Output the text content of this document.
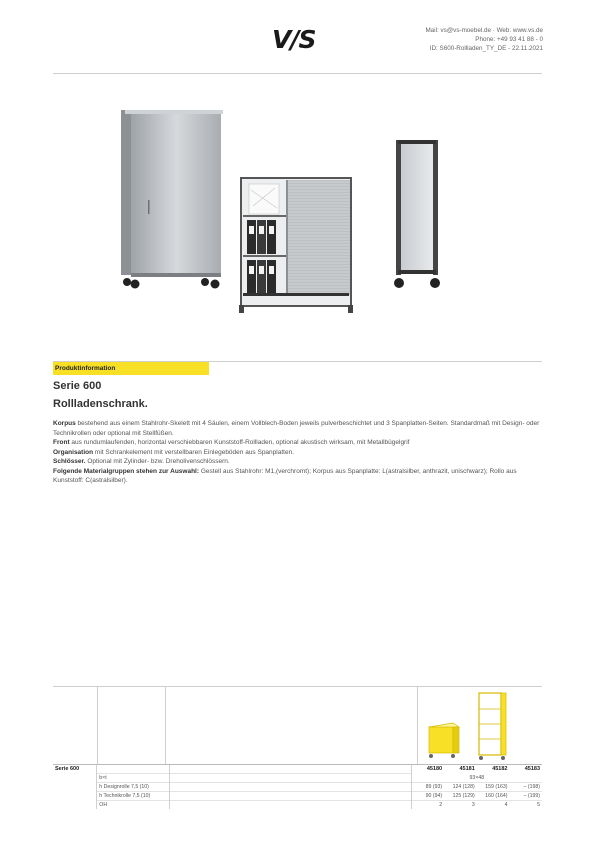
V/S	Mail: vs@vs-moebel.de · Web: www.vs.de
Phone: +49 93 41 88 - 0
ID: S600-Rollladen_TY_DE - 22.11.2021
Produktinformation
Serie 600
Rollladenschrank.

Korpus bestehend aus einem Stahlrohr-Skelett mit 4 Säulen, einem Vollblech-Boden jeweils pulverbeschichtet und 3 Spanplatten-Seiten. Standardmaß mit Design- oder Technikrollen oder optional mit Stellfüßen.

Front aus rundumlaufenden, horizontal verschiebbaren Kunststoff-Rollladen, optional akustisch wirksam, mit Metallbügelgrif

Organisation mit Schrankelement mit verstellbaren Einlegeböden aus Spanplatten.

Schlösser. Optional mit Zylinder- bzw. Dreholivenschlössern.

Folgende Materialgruppen stehen zur Auswahl: Gestell aus Stahlrohr: M1,(verchromt); Korpus aus Spanplatte: L(astralsilber, anthrazit, unischwarz); Rollo aus Kunststoff: C(astralsilber).

Serie 600			45180	45181	45182	45183
	b×t		93×48			
	h Designrolle 7,5 (10)		89 (93)	124 (128)	159 (163)	– (198)
	h Technikrolle 7,5 (10)		90 (94)	125 (129)	160 (164)	– (199)
	OH		2	3	4	5
